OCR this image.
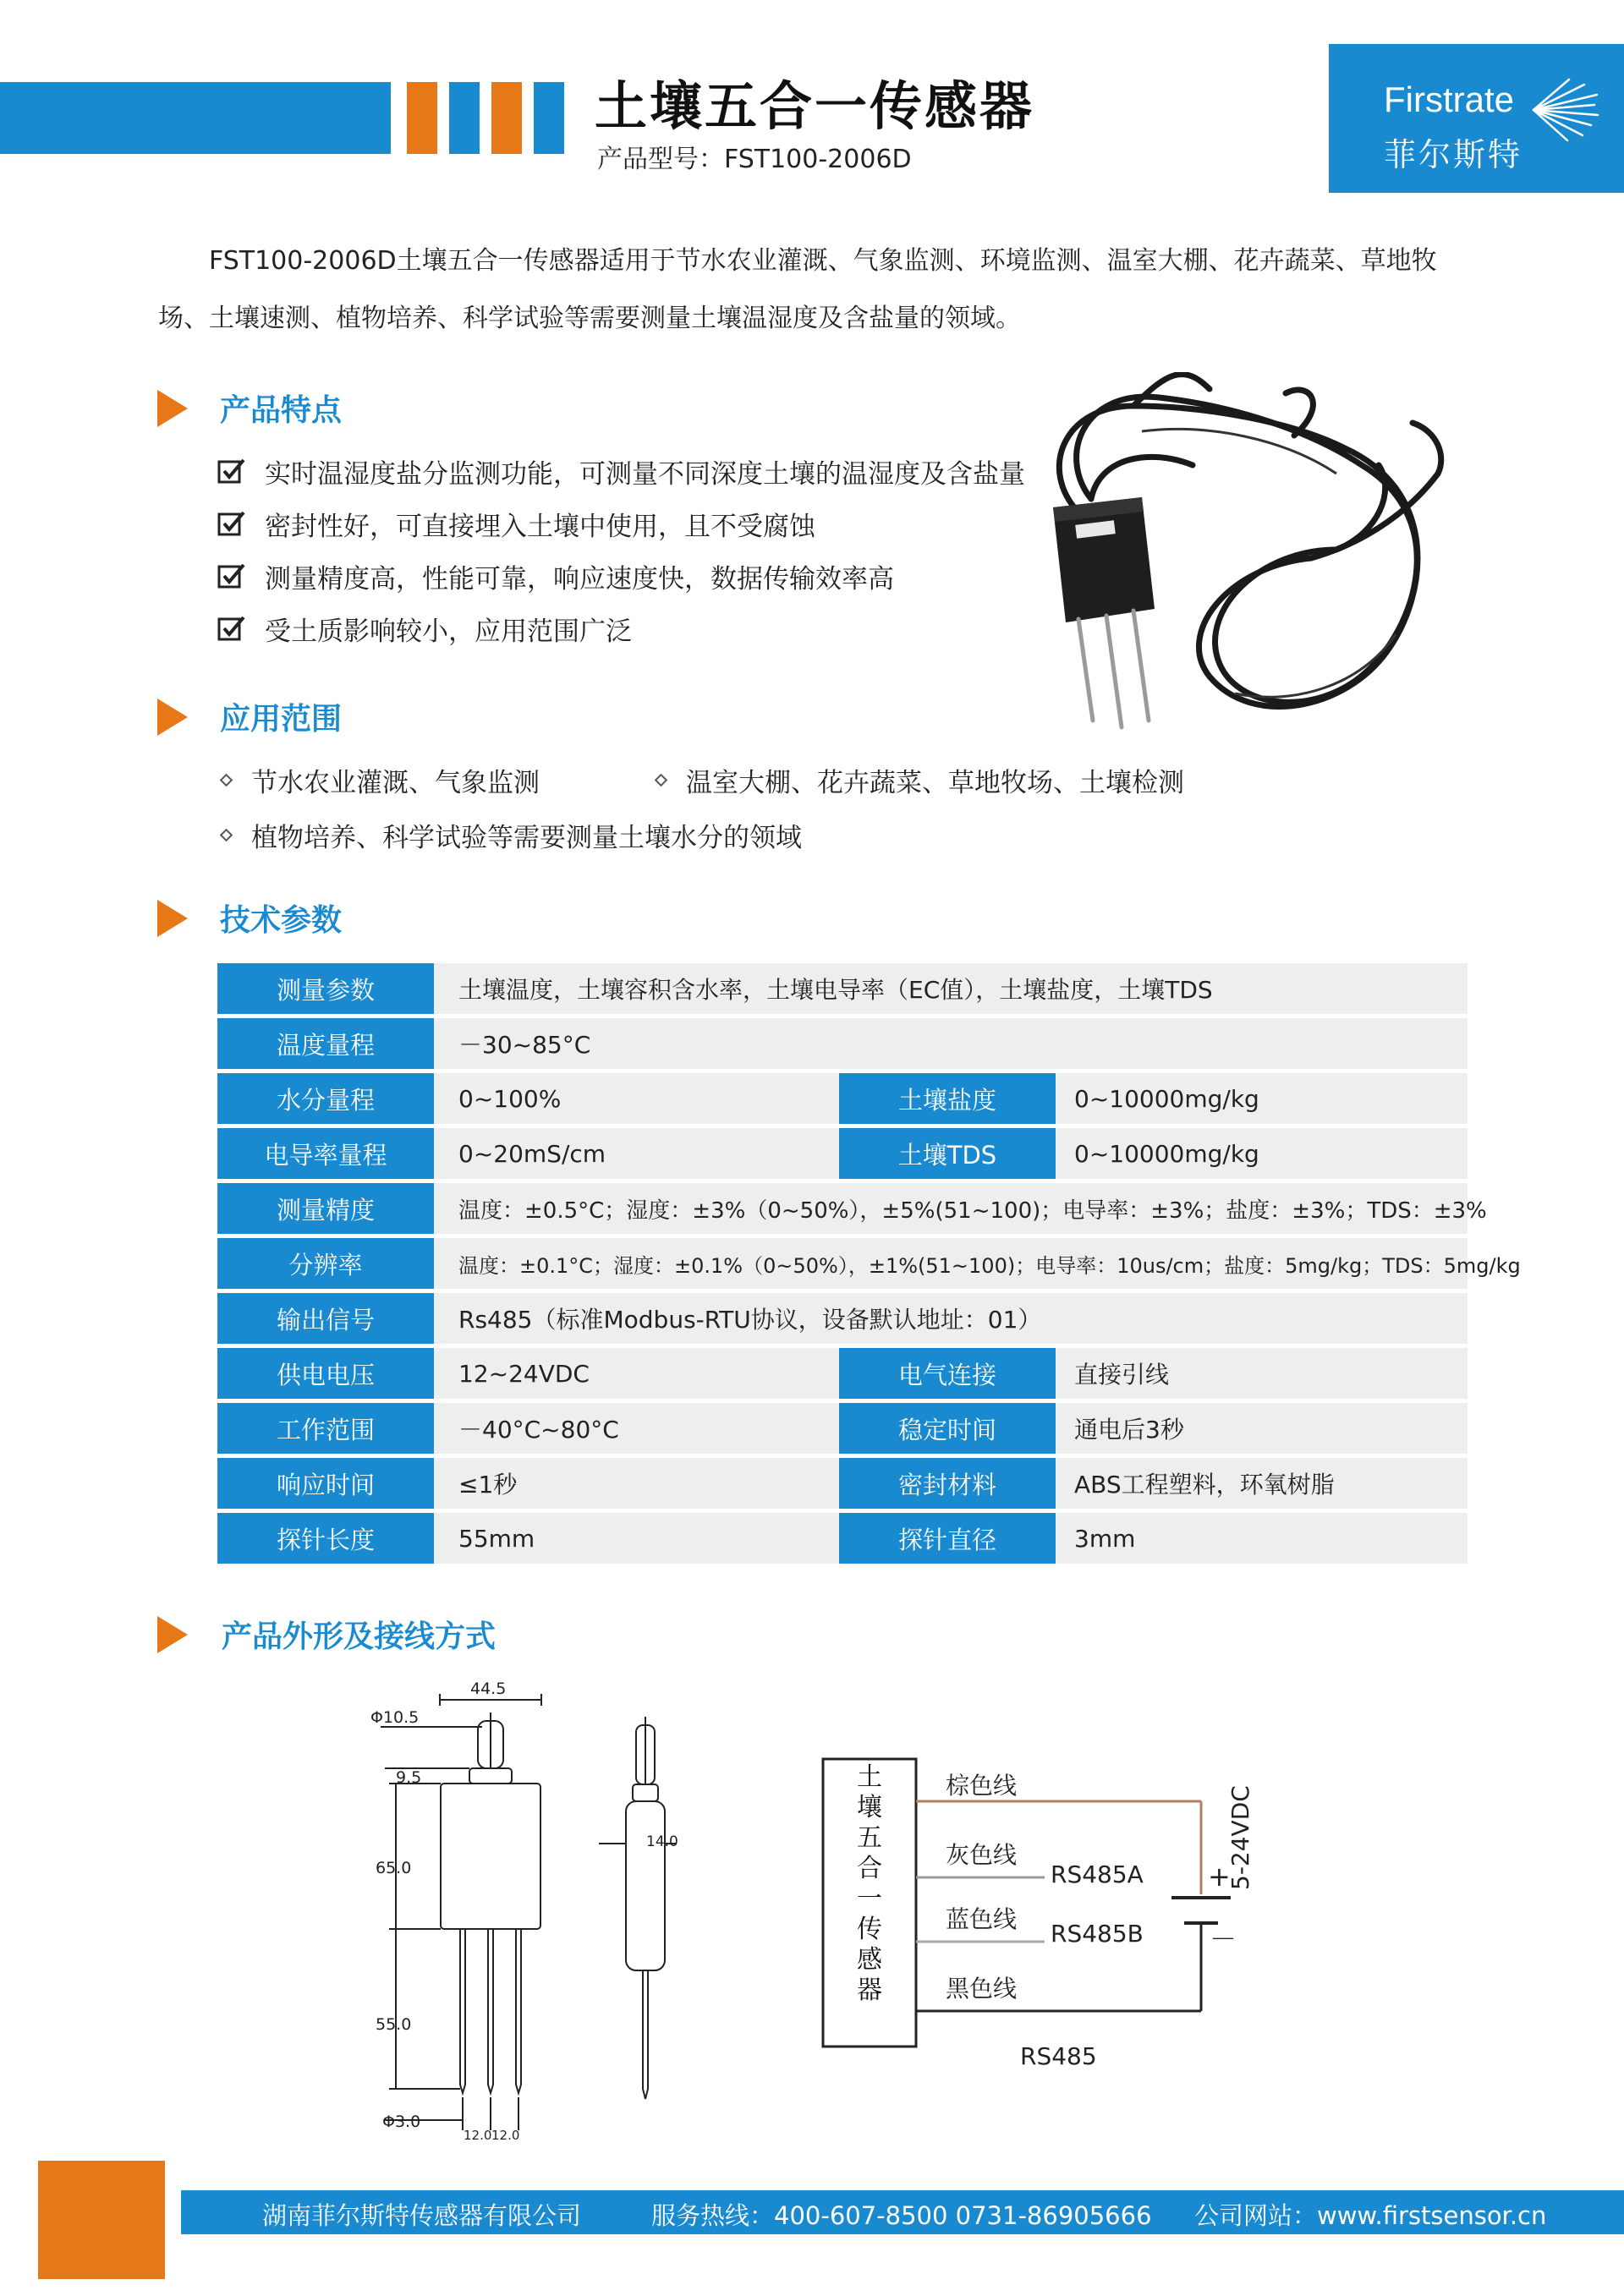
土壤五合一传感器
产品型号：FST100-2006D
Firstrate
菲尔斯特
FST100-2006D土壤五合一传感器适用于节水农业灌溉、气象监测、环境监测、温室大棚、花卉蔬菜、草地牧场、土壤速测、植物培养、科学试验等需要测量土壤温湿度及含盐量的领域。
产品特点
实时温湿度盐分监测功能，可测量不同深度土壤的温湿度及含盐量
密封性好，可直接埋入土壤中使用，且不受腐蚀
测量精度高，性能可靠，响应速度快，数据传输效率高
受土质影响较小，应用范围广泛
应用范围
节水农业灌溉、气象监测	温室大棚、花卉蔬菜、草地牧场、土壤检测
植物培养、科学试验等需要测量土壤水分的领域
技术参数
测量参数	土壤温度，土壤容积含水率，土壤电导率（EC值），土壤盐度，土壤TDS
温度量程	－30~85°C
水分量程	0~100%	土壤盐度	0~10000mg/kg
电导率量程	0~20mS/cm	土壤TDS	0~10000mg/kg
测量精度	温度：±0.5°C；湿度：±3%（0~50%），±5%(51~100)；电导率：±3%；盐度：±3%；TDS：±3%
分辨率	温度：±0.1°C；湿度：±0.1%（0~50%），±1%(51~100)；电导率：10us/cm；盐度：5mg/kg；TDS：5mg/kg
输出信号	Rs485（标准Modbus-RTU协议，设备默认地址：01）
供电电压	12~24VDC	电气连接	直接引线
工作范围	－40°C~80°C	稳定时间	通电后3秒
响应时间	≤1秒	密封材料	ABS工程塑料，环氧树脂
探针长度	55mm	探针直径	3mm
产品外形及接线方式
44.5
Φ10.5
9.5
65.0
55.0
Φ3.0
12.0 12.0
14.0
土
壤
五
合
一
传
感
器
棕色线
灰色线
蓝色线
黑色线
RS485A
RS485B
RS485
+
－
5-24VDC
湖南菲尔斯特传感器有限公司	服务热线：400-607-8500 0731-86905666 公司网站：www.firstsensor.cn
